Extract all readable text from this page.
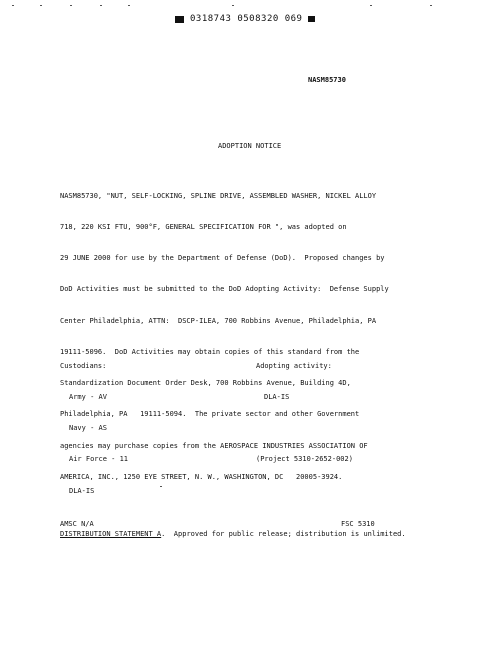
0318743 0508320 069
NASM85730
ADOPTION NOTICE

NASM85730, "NUT, SELF-LOCKING, SPLINE DRIVE, ASSEMBLED WASHER, NICKEL ALLOY

718, 220 KSI FTU, 900°F, GENERAL SPECIFICATION FOR ", was adopted on

29 JUNE 2000 for use by the Department of Defense (DoD).  Proposed changes by

DoD Activities must be submitted to the DoD Adopting Activity:  Defense Supply

Center Philadelphia, ATTN:  DSCP-ILEA, 700 Robbins Avenue, Philadelphia, PA

19111-5096.  DoD Activities may obtain copies of this standard from the

Standardization Document Order Desk, 700 Robbins Avenue, Building 4D,

Philadelphia, PA   19111-5094.  The private sector and other Government

agencies may purchase copies from the AEROSPACE INDUSTRIES ASSOCIATION OF

AMERICA, INC., 1250 EYE STREET, N. W., WASHINGTON, DC   20005-3924.

Custodians:

Army - AV

Navy - AS

Air Force - 11

DLA-IS

Adopting activity:

DLA-IS

(Project 5310-2652-002)

AMSC N/A	FSC 5310
DISTRIBUTION STATEMENT A.  Approved for public release; distribution is unlimited.
